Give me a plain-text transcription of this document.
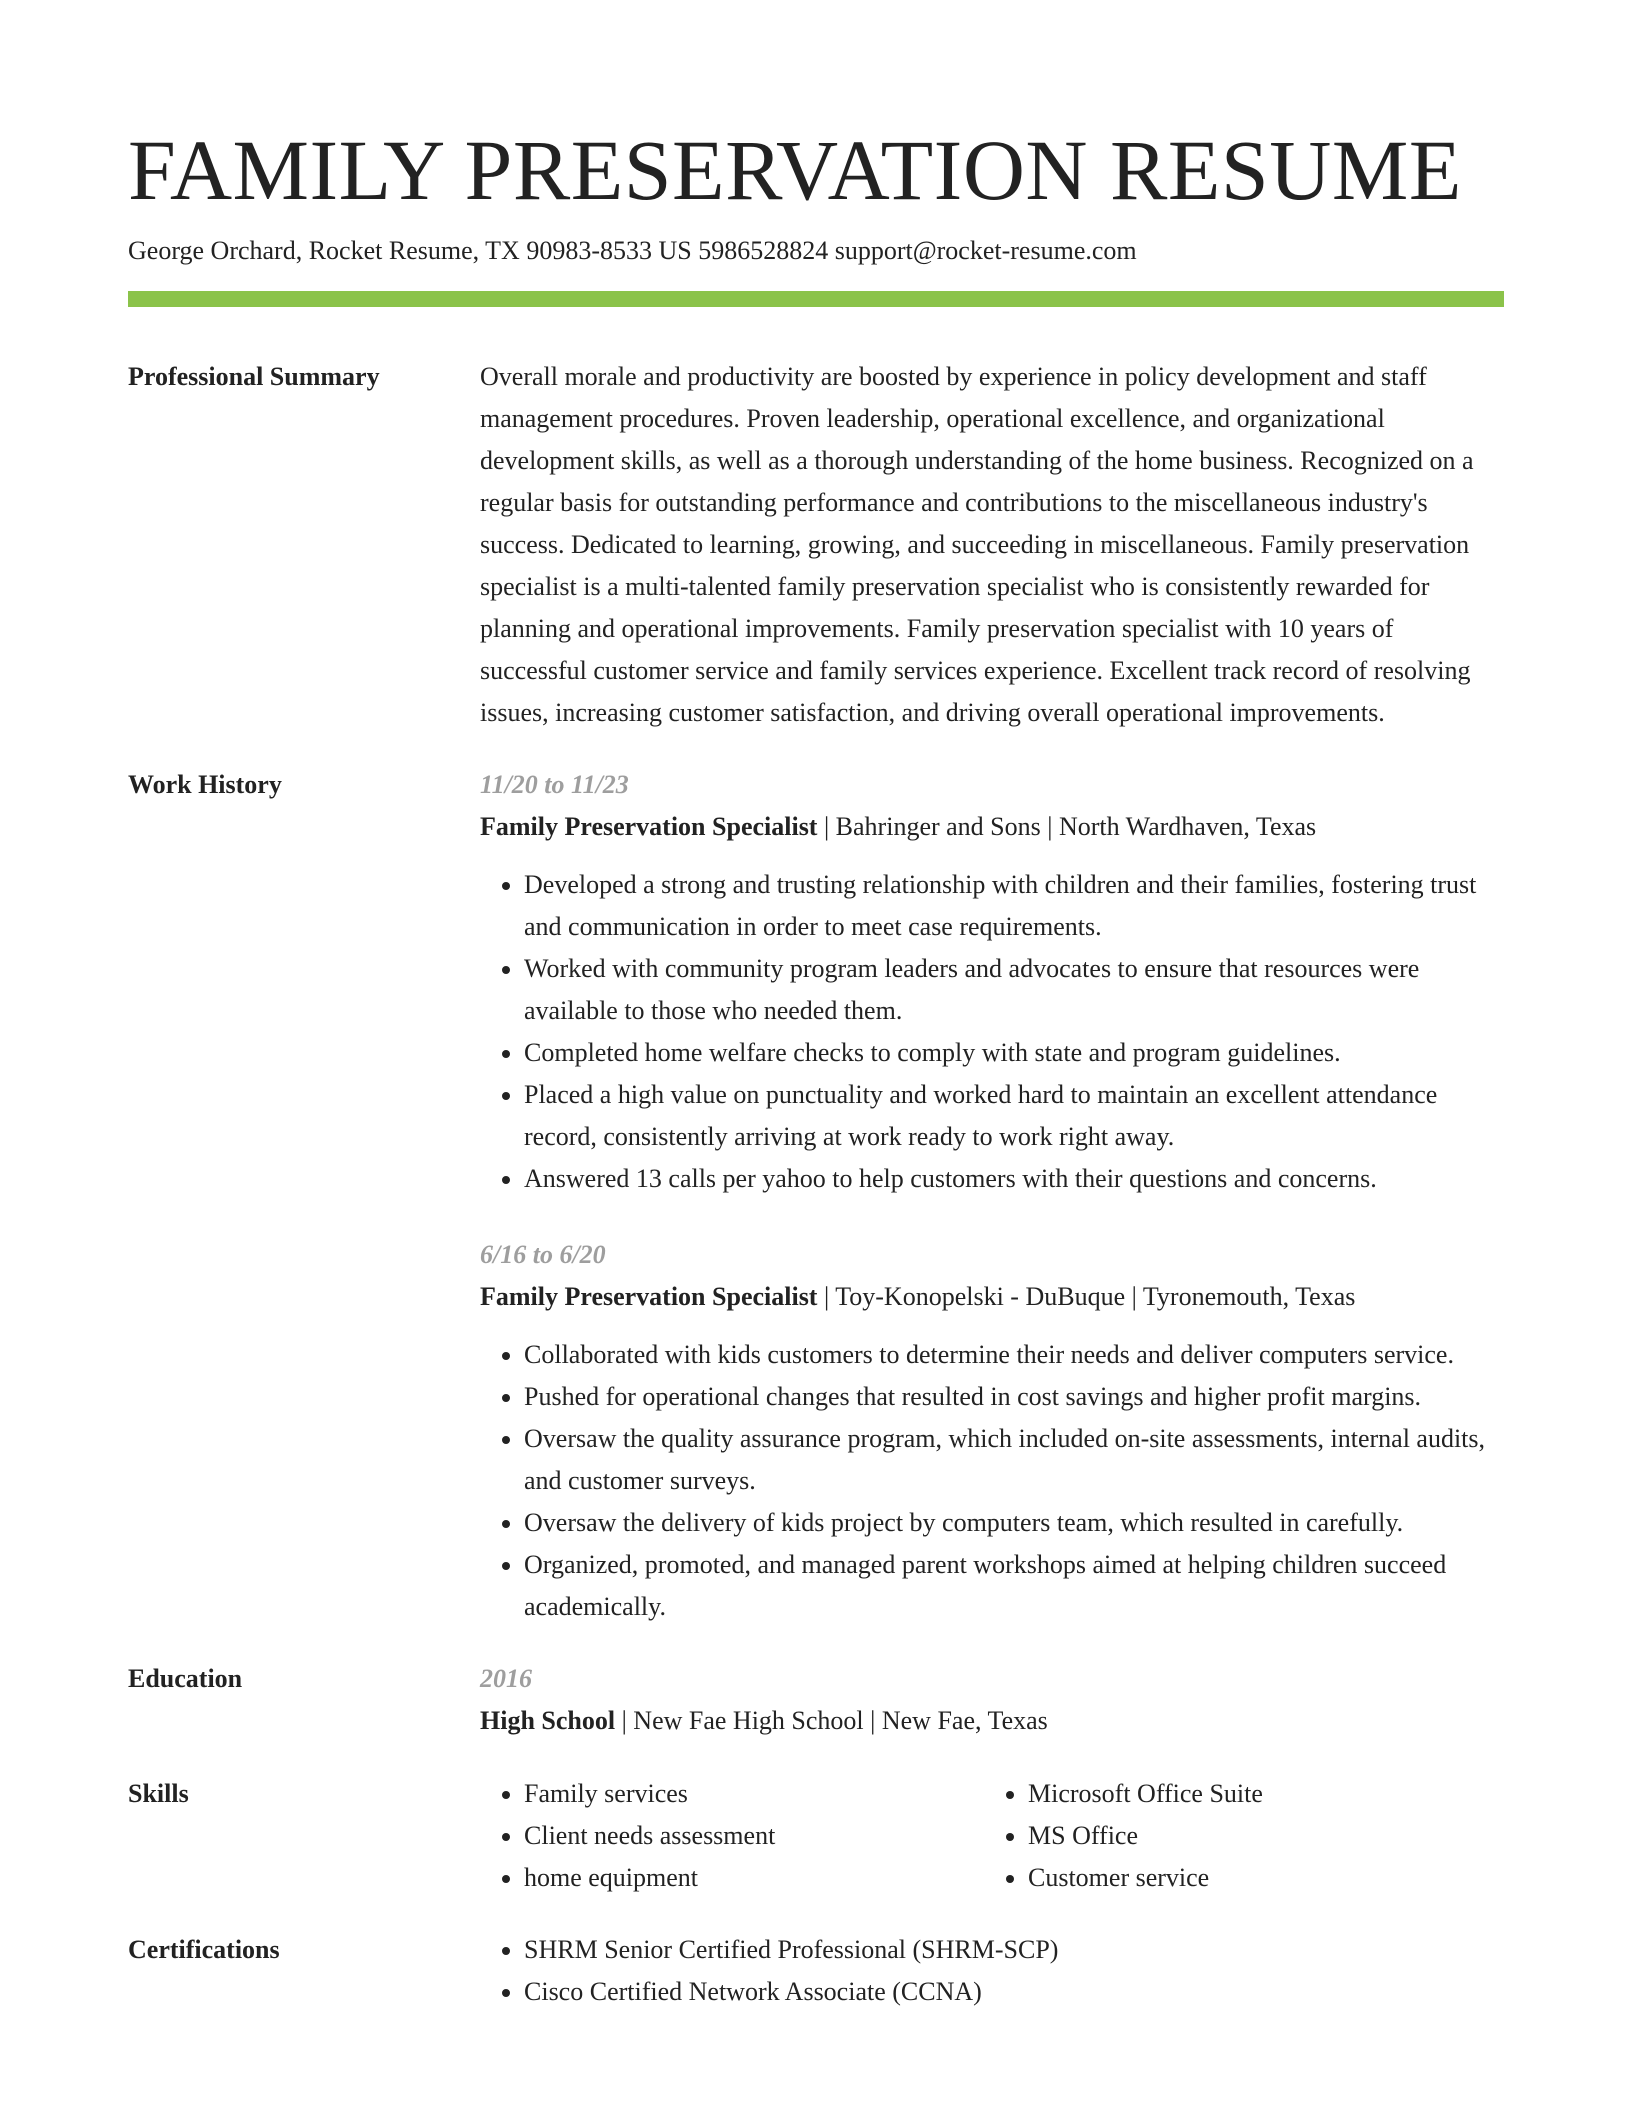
FAMILY PRESERVATION RESUME
George Orchard, Rocket Resume, TX 90983-8533 US 5986528824 support@rocket-resume.com
Professional Summary	Overall morale and productivity are boosted by experience in policy development and staff management procedures. Proven leadership, operational excellence, and organizational development skills, as well as a thorough understanding of the home business. Recognized on a regular basis for outstanding performance and contributions to the miscellaneous industry's success. Dedicated to learning, growing, and succeeding in miscellaneous. Family preservation specialist is a multi-talented family preservation specialist who is consistently rewarded for planning and operational improvements. Family preservation specialist with 10 years of successful customer service and family services experience. Excellent track record of resolving issues, increasing customer satisfaction, and driving overall operational improvements.

Work History	11/20 to 11/23
Family Preservation Specialist | Bahringer and Sons | North Wardhaven, Texas
• Developed a strong and trusting relationship with children and their families, fostering trust and communication in order to meet case requirements.
• Worked with community program leaders and advocates to ensure that resources were available to those who needed them.
• Completed home welfare checks to comply with state and program guidelines.
• Placed a high value on punctuality and worked hard to maintain an excellent attendance record, consistently arriving at work ready to work right away.
• Answered 13 calls per yahoo to help customers with their questions and concerns.
6/16 to 6/20
Family Preservation Specialist | Toy-Konopelski - DuBuque | Tyronemouth, Texas
• Collaborated with kids customers to determine their needs and deliver computers service.
• Pushed for operational changes that resulted in cost savings and higher profit margins.
• Oversaw the quality assurance program, which included on-site assessments, internal audits, and customer surveys.
• Oversaw the delivery of kids project by computers team, which resulted in carefully.
• Organized, promoted, and managed parent workshops aimed at helping children succeed academically.
Education	2016
High School | New Fae High School | New Fae, Texas
Skills	• Family services
• Client needs assessment
• home equipment
• Microsoft Office Suite
• MS Office
• Customer service
Certifications	• SHRM Senior Certified Professional (SHRM-SCP)
• Cisco Certified Network Associate (CCNA)
